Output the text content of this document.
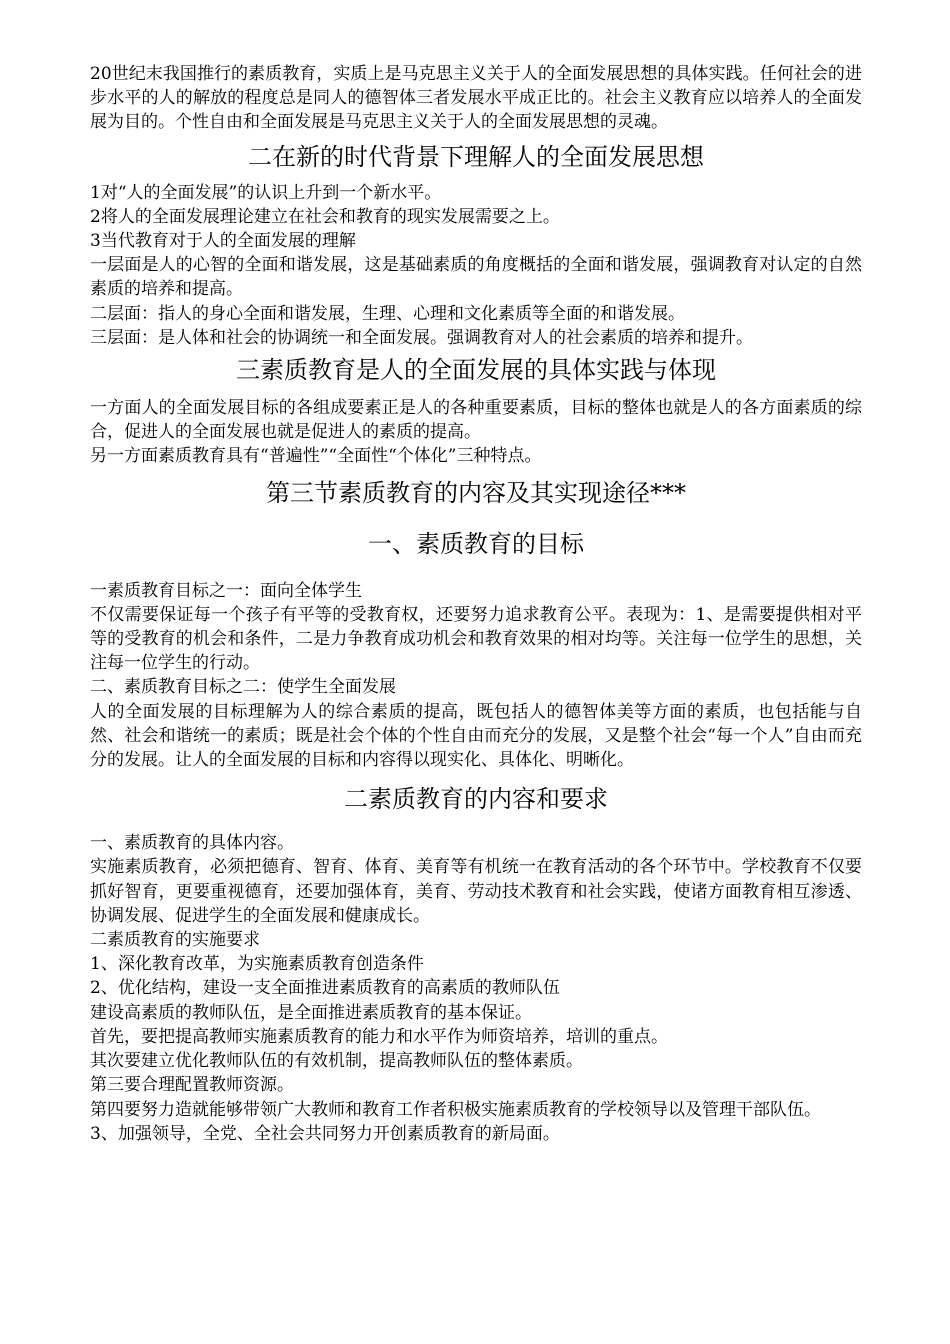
20世纪末我国推行的素质教育，实质上是马克思主义关于人的全面发展思想的具体实践。任何社会的进步水平的人的解放的程度总是同人的德智体三者发展水平成正比的。社会主义教育应以培养人的全面发展为目的。个性自由和全面发展是马克思主义关于人的全面发展思想的灵魂。

二在新的时代背景下理解人的全面发展思想

1对“人的全面发展”的认识上升到一个新水平。

2将人的全面发展理论建立在社会和教育的现实发展需要之上。

3当代教育对于人的全面发展的理解

一层面是人的心智的全面和谐发展，这是基础素质的角度概括的全面和谐发展，强调教育对认定的自然素质的培养和提高。

二层面：指人的身心全面和谐发展，生理、心理和文化素质等全面的和谐发展。

三层面：是人体和社会的协调统一和全面发展。强调教育对人的社会素质的培养和提升。

三素质教育是人的全面发展的具体实践与体现

一方面人的全面发展目标的各组成要素正是人的各种重要素质，目标的整体也就是人的各方面素质的综合，促进人的全面发展也就是促进人的素质的提高。

另一方面素质教育具有“普遍性”“全面性“个体化”三种特点。

第三节素质教育的内容及其实现途径***
一、素质教育的目标

一素质教育目标之一：面向全体学生

不仅需要保证每一个孩子有平等的受教育权，还要努力追求教育公平。表现为：1、是需要提供相对平等的受教育的机会和条件，二是力争教育成功机会和教育效果的相对均等。关注每一位学生的思想，关注每一位学生的行动。

二、素质教育目标之二：使学生全面发展

人的全面发展的目标理解为人的综合素质的提高，既包括人的德智体美等方面的素质，也包括能与自然、社会和谐统一的素质；既是社会个体的个性自由而充分的发展，又是整个社会“每一个人”自由而充分的发展。让人的全面发展的目标和内容得以现实化、具体化、明晰化。

二素质教育的内容和要求

一、素质教育的具体内容。

实施素质教育，必须把德育、智育、体育、美育等有机统一在教育活动的各个环节中。学校教育不仅要抓好智育，更要重视德育，还要加强体育，美育、劳动技术教育和社会实践，使诸方面教育相互渗透、协调发展、促进学生的全面发展和健康成长。

二素质教育的实施要求

1、深化教育改革，为实施素质教育创造条件

2、优化结构，建设一支全面推进素质教育的高素质的教师队伍

建设高素质的教师队伍，是全面推进素质教育的基本保证。

首先，要把提高教师实施素质教育的能力和水平作为师资培养，培训的重点。

其次要建立优化教师队伍的有效机制，提高教师队伍的整体素质。

第三要合理配置教师资源。

第四要努力造就能够带领广大教师和教育工作者积极实施素质教育的学校领导以及管理干部队伍。

3、加强领导，全党、全社会共同努力开创素质教育的新局面。
